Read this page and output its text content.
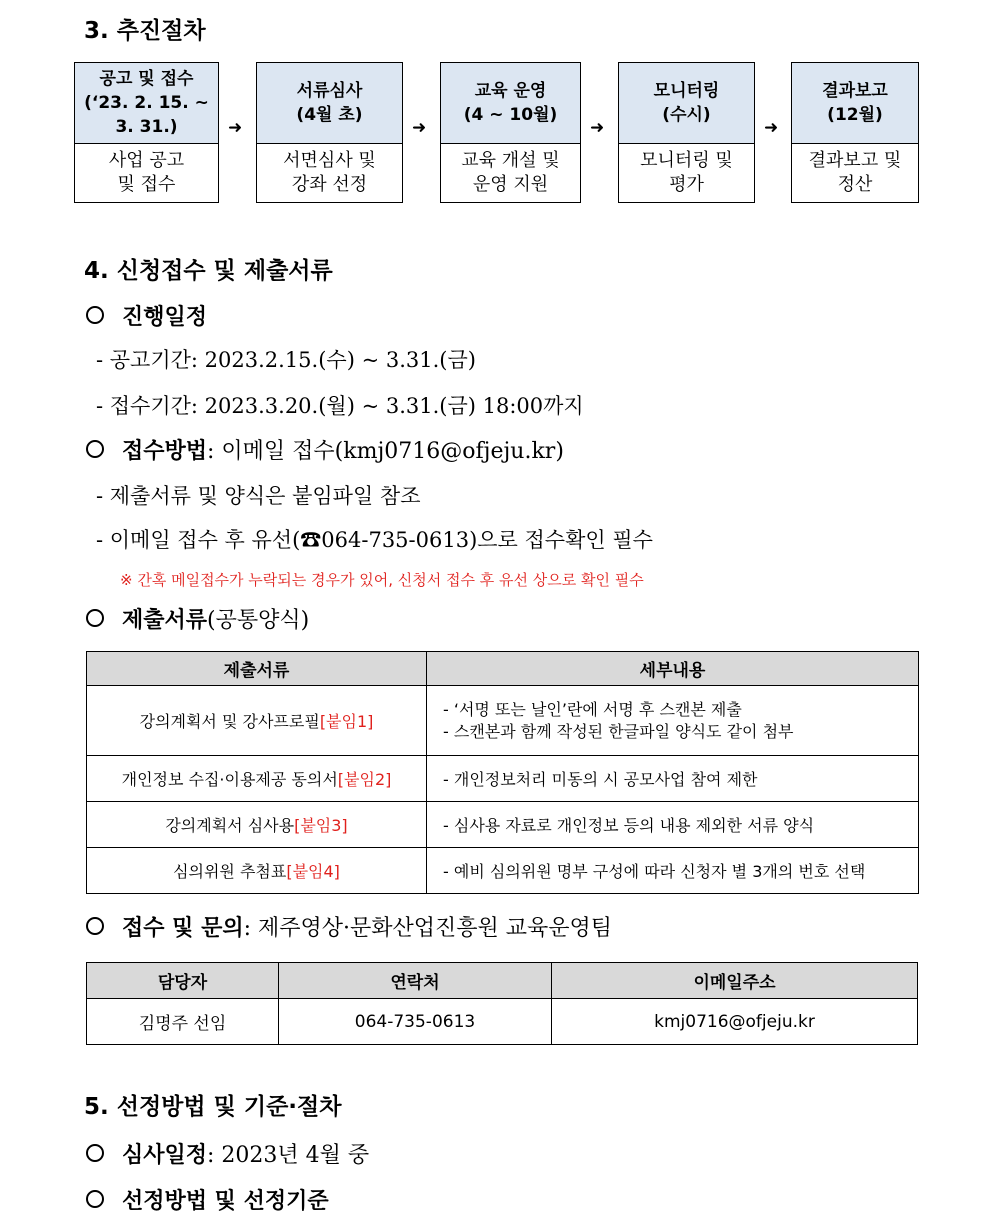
3. 추진절차
공고 및 접수
(‘23. 2. 15. ~
3. 31.)
사업 공고
및 접수
➜
서류심사
(4월 초)
서면심사 및
강좌 선정
➜
교육 운영
(4 ~ 10월)
교육 개설 및
운영 지원
➜
모니터링
(수시)
모니터링 및
평가
➜
결과보고
(12월)
결과보고 및
정산
4. 신청접수 및 제출서류
진행일정
- 공고기간: 2023.2.15.(수) ~ 3.31.(금)
- 접수기간: 2023.3.20.(월) ~ 3.31.(금) 18:00까지
접수방법: 이메일 접수(kmj0716@ofjeju.kr)
- 제출서류 및 양식은 붙임파일 참조
- 이메일 접수 후 유선(☎064-735-0613)으로 접수확인 필수
※ 간혹 메일접수가 누락되는 경우가 있어, 신청서 접수 후 유선 상으로 확인 필수
제출서류(공통양식)
제출서류	세부내용
강의계획서 및 강사프로필[붙임1]	- ‘서명 또는 날인’란에 서명 후 스캔본 제출
- 스캔본과 함께 작성된 한글파일 양식도 같이 첨부

개인정보 수집·이용제공 동의서[붙임2]	- 개인정보처리 미동의 시 공모사업 참여 제한
강의계획서 심사용[붙임3]	- 심사용 자료로 개인정보 등의 내용 제외한 서류 양식
심의위원 추첨표[붙임4]	- 예비 심의위원 명부 구성에 따라 신청자 별 3개의 번호 선택
접수 및 문의: 제주영상·문화산업진흥원 교육운영팀
담당자	연락처	이메일주소
김명주 선임	064-735-0613	kmj0716@ofjeju.kr
5. 선정방법 및 기준·절차
심사일정: 2023년 4월 중
선정방법 및 선정기준
